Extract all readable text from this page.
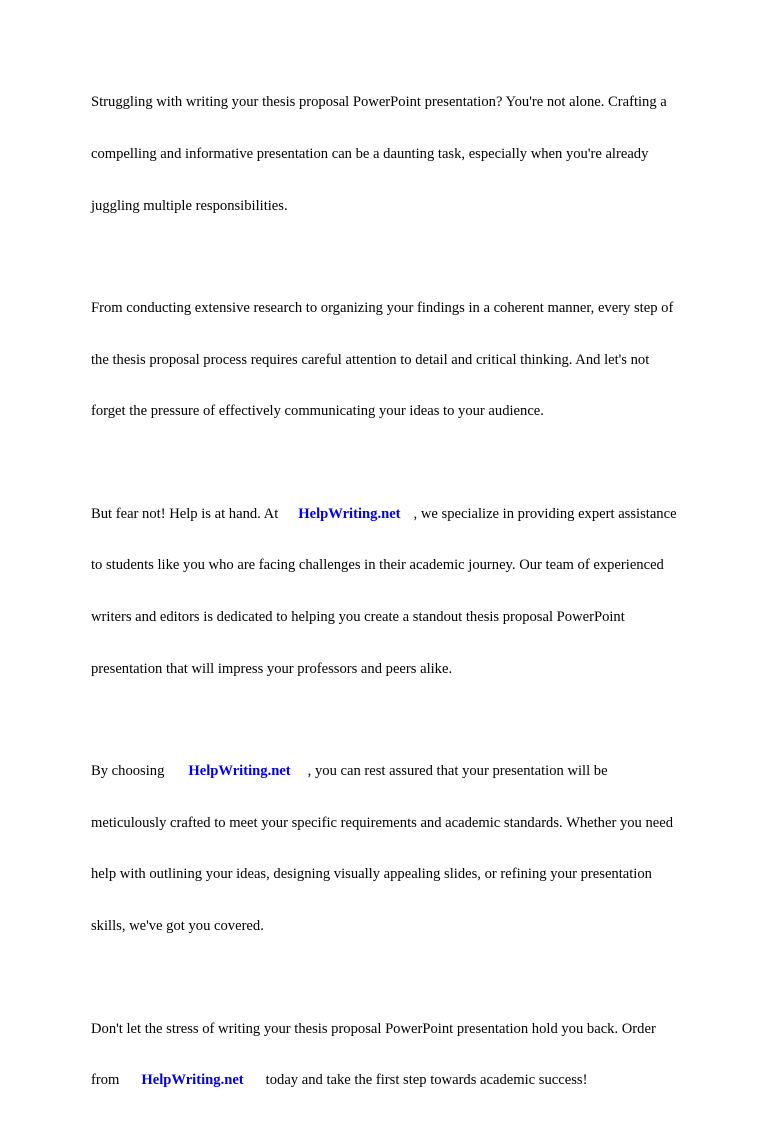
Struggling with writing your thesis proposal PowerPoint presentation? You're not alone. Crafting a

compelling and informative presentation can be a daunting task, especially when you're already

juggling multiple responsibilities.

From conducting extensive research to organizing your findings in a coherent manner, every step of

the thesis proposal process requires careful attention to detail and critical thinking. And let's not

forget the pressure of effectively communicating your ideas to your audience.

But fear not! Help is at hand. At HelpWriting.net , we specialize in providing expert assistance

to students like you who are facing challenges in their academic journey. Our team of experienced

writers and editors is dedicated to helping you create a standout thesis proposal PowerPoint

presentation that will impress your professors and peers alike.

By choosing HelpWriting.net , you can rest assured that your presentation will be

meticulously crafted to meet your specific requirements and academic standards. Whether you need

help with outlining your ideas, designing visually appealing slides, or refining your presentation

skills, we've got you covered.

Don't let the stress of writing your thesis proposal PowerPoint presentation hold you back. Order

from HelpWriting.net today and take the first step towards academic success!
